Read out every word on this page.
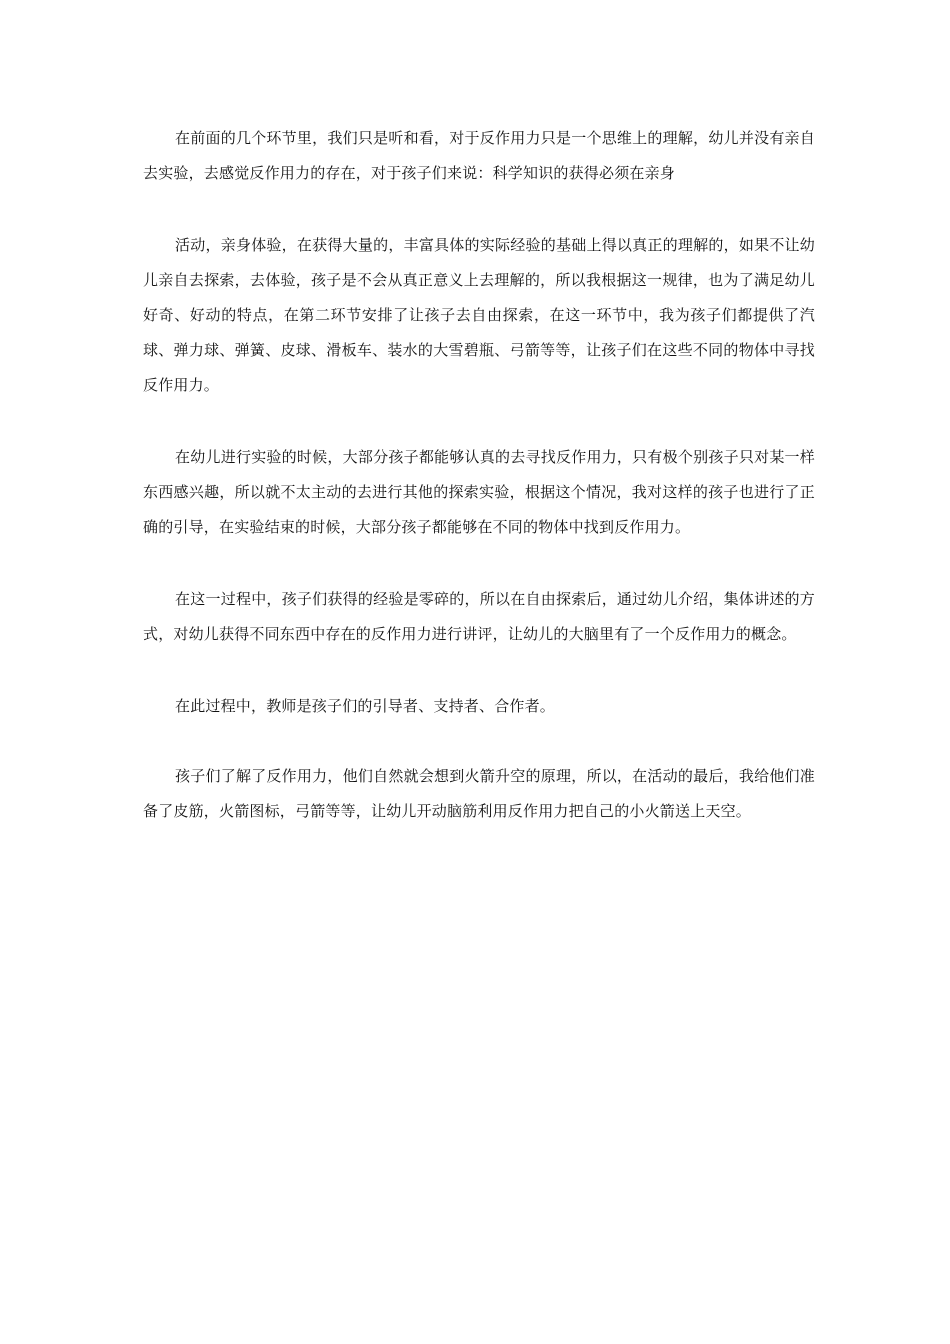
在前面的几个环节里，我们只是听和看，对于反作用力只是一个思维上的理解，幼儿并没有亲自去实验，去感觉反作用力的存在，对于孩子们来说：科学知识的获得必须在亲身

活动，亲身体验，在获得大量的，丰富具体的实际经验的基础上得以真正的理解的，如果不让幼儿亲自去探索，去体验，孩子是不会从真正意义上去理解的，所以我根据这一规律，也为了满足幼儿好奇、好动的特点，在第二环节安排了让孩子去自由探索，在这一环节中，我为孩子们都提供了汽球、弹力球、弹簧、皮球、滑板车、装水的大雪碧瓶、弓箭等等，让孩子们在这些不同的物体中寻找反作用力。

在幼儿进行实验的时候，大部分孩子都能够认真的去寻找反作用力，只有极个别孩子只对某一样东西感兴趣，所以就不太主动的去进行其他的探索实验，根据这个情况，我对这样的孩子也进行了正确的引导，在实验结束的时候，大部分孩子都能够在不同的物体中找到反作用力。

在这一过程中，孩子们获得的经验是零碎的，所以在自由探索后，通过幼儿介绍，集体讲述的方式，对幼儿获得不同东西中存在的反作用力进行讲评，让幼儿的大脑里有了一个反作用力的概念。

在此过程中，教师是孩子们的引导者、支持者、合作者。

孩子们了解了反作用力，他们自然就会想到火箭升空的原理，所以，在活动的最后，我给他们准备了皮筋，火箭图标，弓箭等等，让幼儿开动脑筋利用反作用力把自己的小火箭送上天空。
